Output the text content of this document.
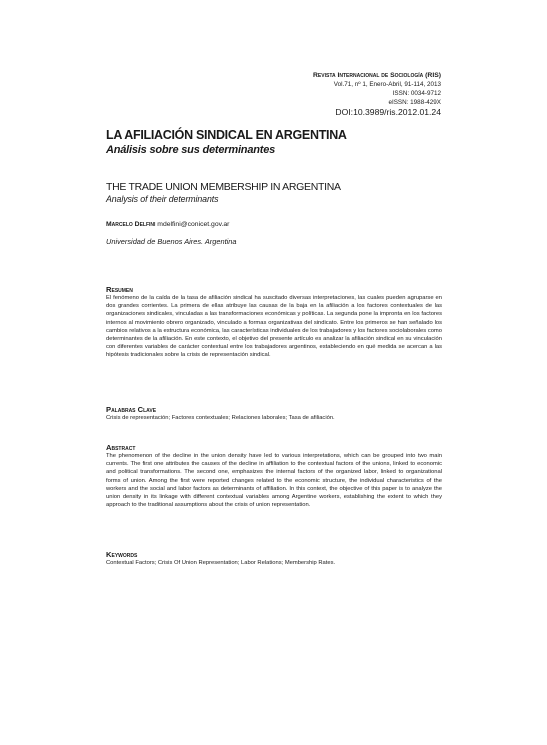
Revista Internacional de Sociología (RIS)
Vol.71, nº 1, Enero-Abril, 91-114, 2013
ISSN: 0034-9712
eISSN: 1988-429X
DOI:10.3989/ris.2012.01.24
LA AFILIACIÓN SINDICAL EN ARGENTINA
Análisis sobre sus determinantes
THE TRADE UNION MEMBERSHIP IN ARGENTINA
Analysis of their determinants
Marcelo Delfini mdelfini@conicet.gov.ar
Universidad de Buenos Aires. Argentina
Resumen

El fenómeno de la caída de la tasa de afiliación sindical ha suscitado diversas interpretaciones, las cuales pueden agruparse en dos grandes corrientes. La primera de ellas atribuye las causas de la baja en la afiliación a los factores contextuales de las organizaciones sindicales, vinculadas a las transformaciones económicas y políticas. La segunda pone la impronta en los factores internos al movimiento obrero organizado, vinculado a formas organizativas del sindicato. Entre los primeros se han señalado los cambios relativos a la estructura económica, las características individuales de los trabajadores y los factores sociolaborales como determinantes de la afiliación. En este contexto, el objetivo del presente artículo es analizar la afiliación sindical en su vinculación con diferentes variables de carácter contextual entre los trabajadores argentinos, estableciendo en qué medida se acercan a las hipótesis tradicionales sobre la crisis de representación sindical.

Palabras Clave

Crisis de representación; Factores contextuales; Relaciones laborales; Tasa de afiliación.

Abstract

The phenomenon of the decline in the union density have led to various interpretations, which can be grouped into two main currents. The first one attributes the causes of the decline in affiliation to the contextual factors of the unions, linked to economic and political transformations. The second one, emphasizes the internal factors of the organized labor, linked to organizational forms of union. Among the first were reported changes related to the economic structure, the individual characteristics of the workers and the social and labor factors as determinants of affiliation. In this context, the objective of this paper is to analyze the union density in its linkage with different contextual variables among Argentine workers, establishing the extent to which they approach to the traditional assumptions about the crisis of union representation.

Keywords

Contextual Factors; Crisis Of Union Representation; Labor Relations; Membership Rates.
